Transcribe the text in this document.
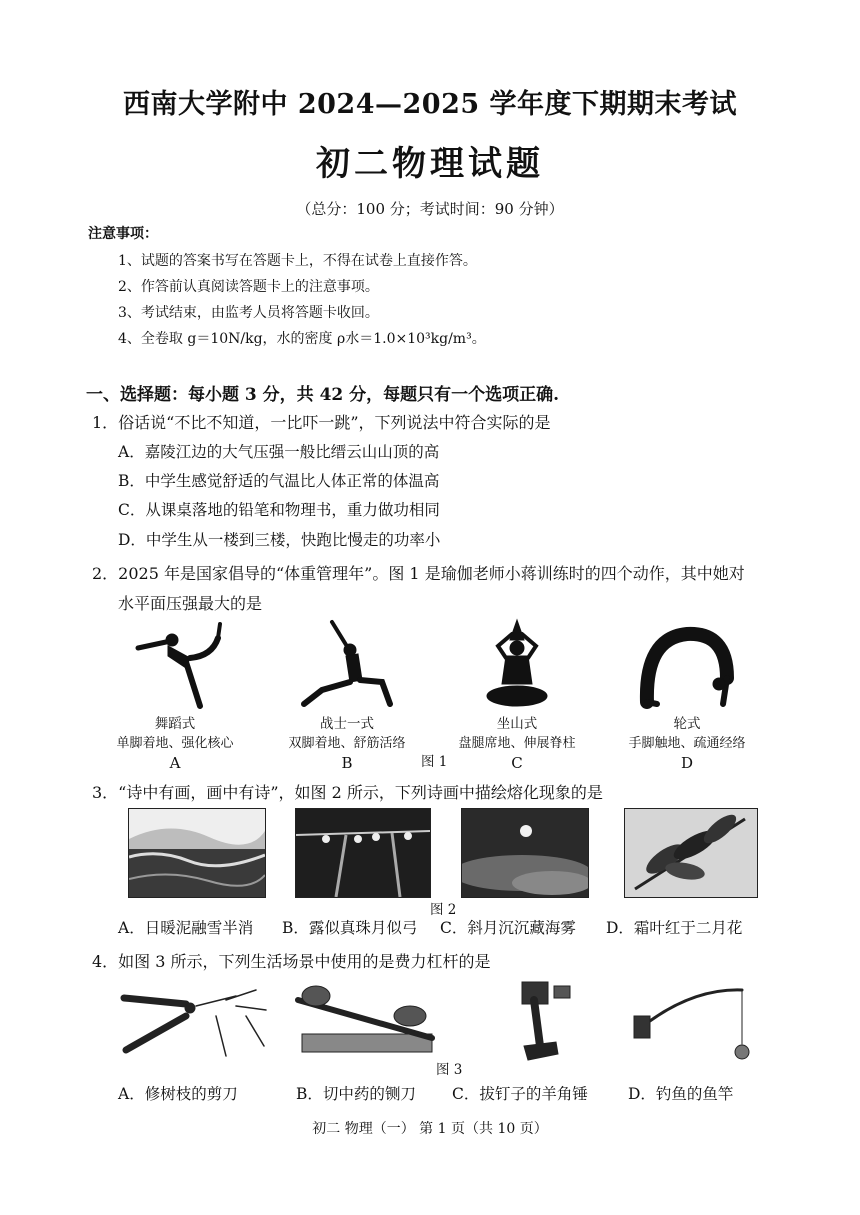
西南大学附中 2024—2025 学年度下期期末考试
初二物理试题
（总分：100 分；考试时间：90 分钟）
注意事项：
1、试题的答案书写在答题卡上，不得在试卷上直接作答。
2、作答前认真阅读答题卡上的注意事项。
3、考试结束，由监考人员将答题卡收回。
4、全卷取 g＝10N/kg，水的密度 ρ水＝1.0×10³kg/m³。
一、选择题：每小题 3 分，共 42 分，每题只有一个选项正确.
1．俗话说“不比不知道，一比吓一跳”，下列说法中符合实际的是
A．嘉陵江边的大气压强一般比缙云山山顶的高
B．中学生感觉舒适的气温比人体正常的体温高
C．从课桌落地的铅笔和物理书，重力做功相同
D．中学生从一楼到三楼，快跑比慢走的功率小
2．2025 年是国家倡导的“体重管理年”。图 1 是瑜伽老师小蒋训练时的四个动作，其中她对
水平面压强最大的是
舞蹈式
单脚着地、强化核心
A
战士一式
双脚着地、舒筋活络
B
坐山式
盘腿席地、伸展脊柱
C
轮式
手脚触地、疏通经络
D
图 1
3．“诗中有画，画中有诗”，如图 2 所示，下列诗画中描绘熔化现象的是
图 2
A．日暖泥融雪半消 B．露似真珠月似弓 C．斜月沉沉藏海雾 D．霜叶红于二月花
4．如图 3 所示，下列生活场景中使用的是费力杠杆的是
图 3
A．修树枝的剪刀	B．切中药的铡刀 C．拔钉子的羊角锤	D．钓鱼的鱼竿
初二 物理（一） 第 1 页（共 10 页）
